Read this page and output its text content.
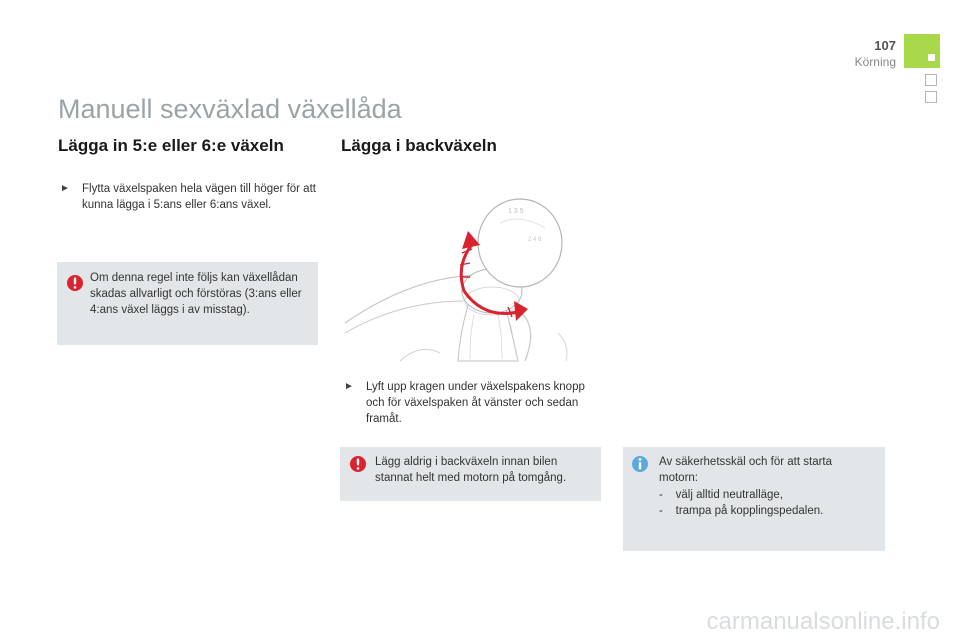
107
Körning
Manuell sexväxlad växellåda
Lägga in 5:e eller 6:e växeln
► Flytta växelspaken hela vägen till höger för att kunna lägga i 5:ans eller 6:ans växel.
Om denna regel inte följs kan växellådan skadas allvarligt och förstöras (3:ans eller 4:ans växel läggs i av misstag).
Lägga i backväxeln
1 3 5
2 4 6
► Lyft upp kragen under växelspakens knopp och för växelspaken åt vänster och sedan framåt.
Lägg aldrig i backväxeln innan bilen stannat helt med motorn på tomgång.
Av säkerhetsskäl och för att starta motorn:
-    välj alltid neutralläge,
-    trampa på kopplingspedalen.
carmanualsonline.info
